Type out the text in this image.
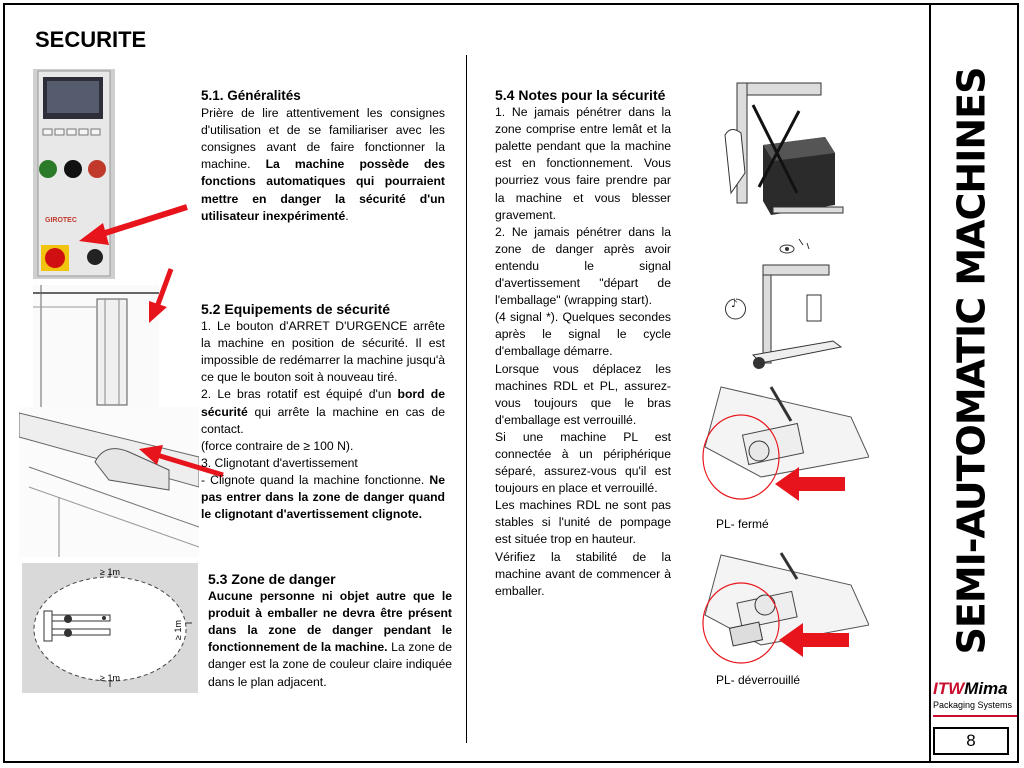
SECURITE
GIROTEC
≥ 1m
≥ 1m
≥ 1m
5.1. Généralités

Prière de lire attentivement les consignes d'utilisation et de se familiariser avec les consignes avant de faire fonctionner la machine. La machine possède des fonctions automatiques qui pourraient mettre en danger la sécurité d'un utilisateur inexpérimenté.

5.2 Equipements de sécurité

1. Le bouton d'ARRET D'URGENCE arrête la machine en position de sécurité. Il est impossible de redémarrer la machine jusqu'à ce que le bouton soit à nouveau tiré.

2. Le bras rotatif est équipé d'un bord de sécurité qui arrête la machine en cas de contact.

(force contraire de ≥ 100 N).

3. Clignotant d'avertissement

- Clignote quand la machine fonctionne. Ne pas entrer dans la zone de danger quand le clignotant d'avertissement clignote.

5.3 Zone de danger

Aucune personne ni objet autre que le produit à emballer ne devra être présent dans la zone de danger pendant le fonctionnement de la machine. La zone de danger est la zone de couleur claire indiquée dans le plan adjacent.

5.4 Notes pour la sécurité

1. Ne jamais pénétrer dans la zone comprise entre lemât et la palette pendant que la machine est en fonctionnement. Vous pourriez vous faire prendre par la machine et vous blesser gravement.

2. Ne jamais pénétrer dans la zone de danger après avoir entendu le signal d'avertissement "départ de l'emballage" (wrapping start).

(4 signal *). Quelques secondes après le signal le cycle d'emballage démarre.

Lorsque vous déplacez les machines RDL et PL, assurez-vous toujours que le bras d'emballage est verrouillé.

Si une machine PL est connectée à un périphérique séparé, assurez-vous qu'il est toujours en place et verrouillé.

Les machines RDL ne sont pas stables si l'unité de pompage est située trop en hauteur.

Vérifiez la stabilité de la machine avant de commencer à emballer.

♪
PL- fermé
PL- déverrouillé
SEMI-AUTOMATIC MACHINES
ITWMima
Packaging Systems
8
